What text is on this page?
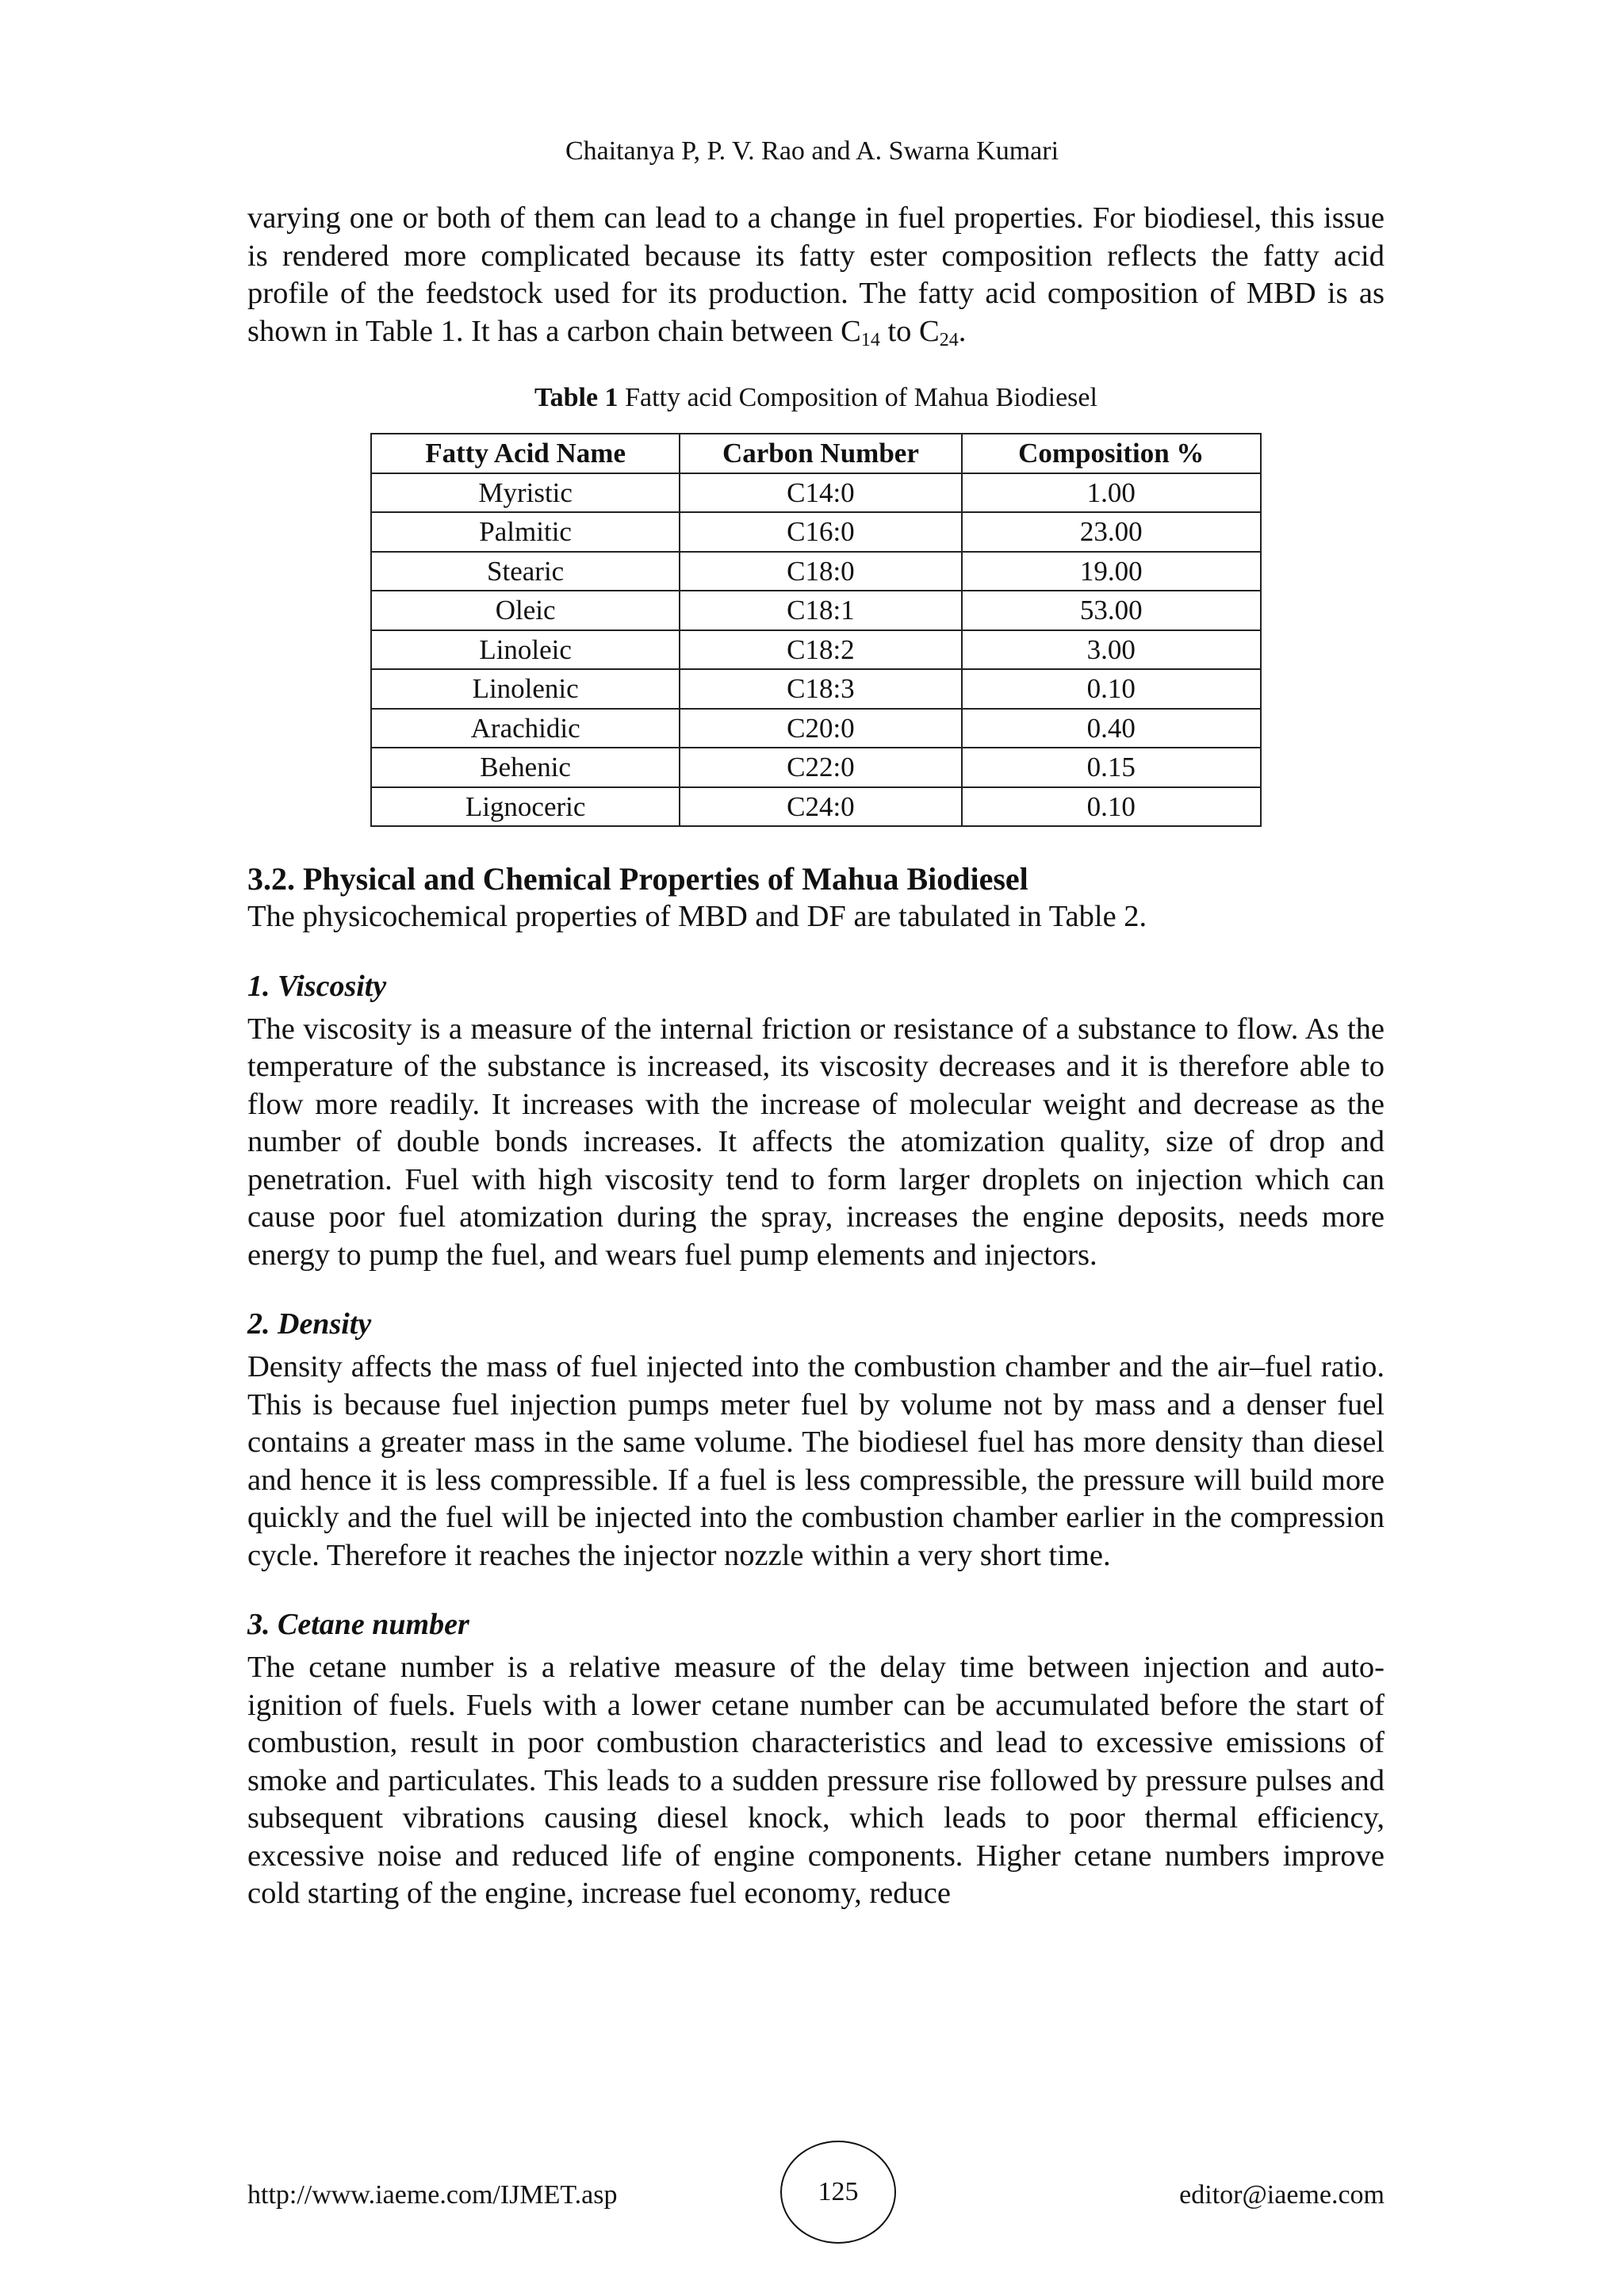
Chaitanya P, P. V. Rao and A. Swarna Kumari

varying one or both of them can lead to a change in fuel properties. For biodiesel, this issue is rendered more complicated because its fatty ester composition reflects the fatty acid profile of the feedstock used for its production. The fatty acid composition of MBD is as shown in Table 1. It has a carbon chain between $C_{14}$ to $C_{24}$.

Table 1 Fatty acid Composition of Mahua Biodiesel
Fatty Acid Name	Carbon Number	Composition %
Myristic	C14:0	1.00
Palmitic	C16:0	23.00
Stearic	C18:0	19.00
Oleic	C18:1	53.00
Linoleic	C18:2	3.00
Linolenic	C18:3	0.10
Arachidic	C20:0	0.40
Behenic	C22:0	0.15
Lignoceric	C24:0	0.10
3.2. Physical and Chemical Properties of Mahua Biodiesel

The physicochemical properties of MBD and DF are tabulated in Table 2.

1. Viscosity

The viscosity is a measure of the internal friction or resistance of a substance to flow. As the temperature of the substance is increased, its viscosity decreases and it is therefore able to flow more readily. It increases with the increase of molecular weight and decrease as the number of double bonds increases. It affects the atomization quality, size of drop and penetration. Fuel with high viscosity tend to form larger droplets on injection which can cause poor fuel atomization during the spray, increases the engine deposits, needs more energy to pump the fuel, and wears fuel pump elements and injectors.

2. Density

Density affects the mass of fuel injected into the combustion chamber and the air–fuel ratio. This is because fuel injection pumps meter fuel by volume not by mass and a denser fuel contains a greater mass in the same volume. The biodiesel fuel has more density than diesel and hence it is less compressible. If a fuel is less compressible, the pressure will build more quickly and the fuel will be injected into the combustion chamber earlier in the compression cycle. Therefore it reaches the injector nozzle within a very short time.

3. Cetane number

The cetane number is a relative measure of the delay time between injection and auto-ignition of fuels. Fuels with a lower cetane number can be accumulated before the start of combustion, result in poor combustion characteristics and lead to excessive emissions of smoke and particulates. This leads to a sudden pressure rise followed by pressure pulses and subsequent vibrations causing diesel knock, which leads to poor thermal efficiency, excessive noise and reduced life of engine components. Higher cetane numbers improve cold starting of the engine, increase fuel economy, reduce

http://www.iaeme.com/IJMET.asp	125	editor@iaeme.com
